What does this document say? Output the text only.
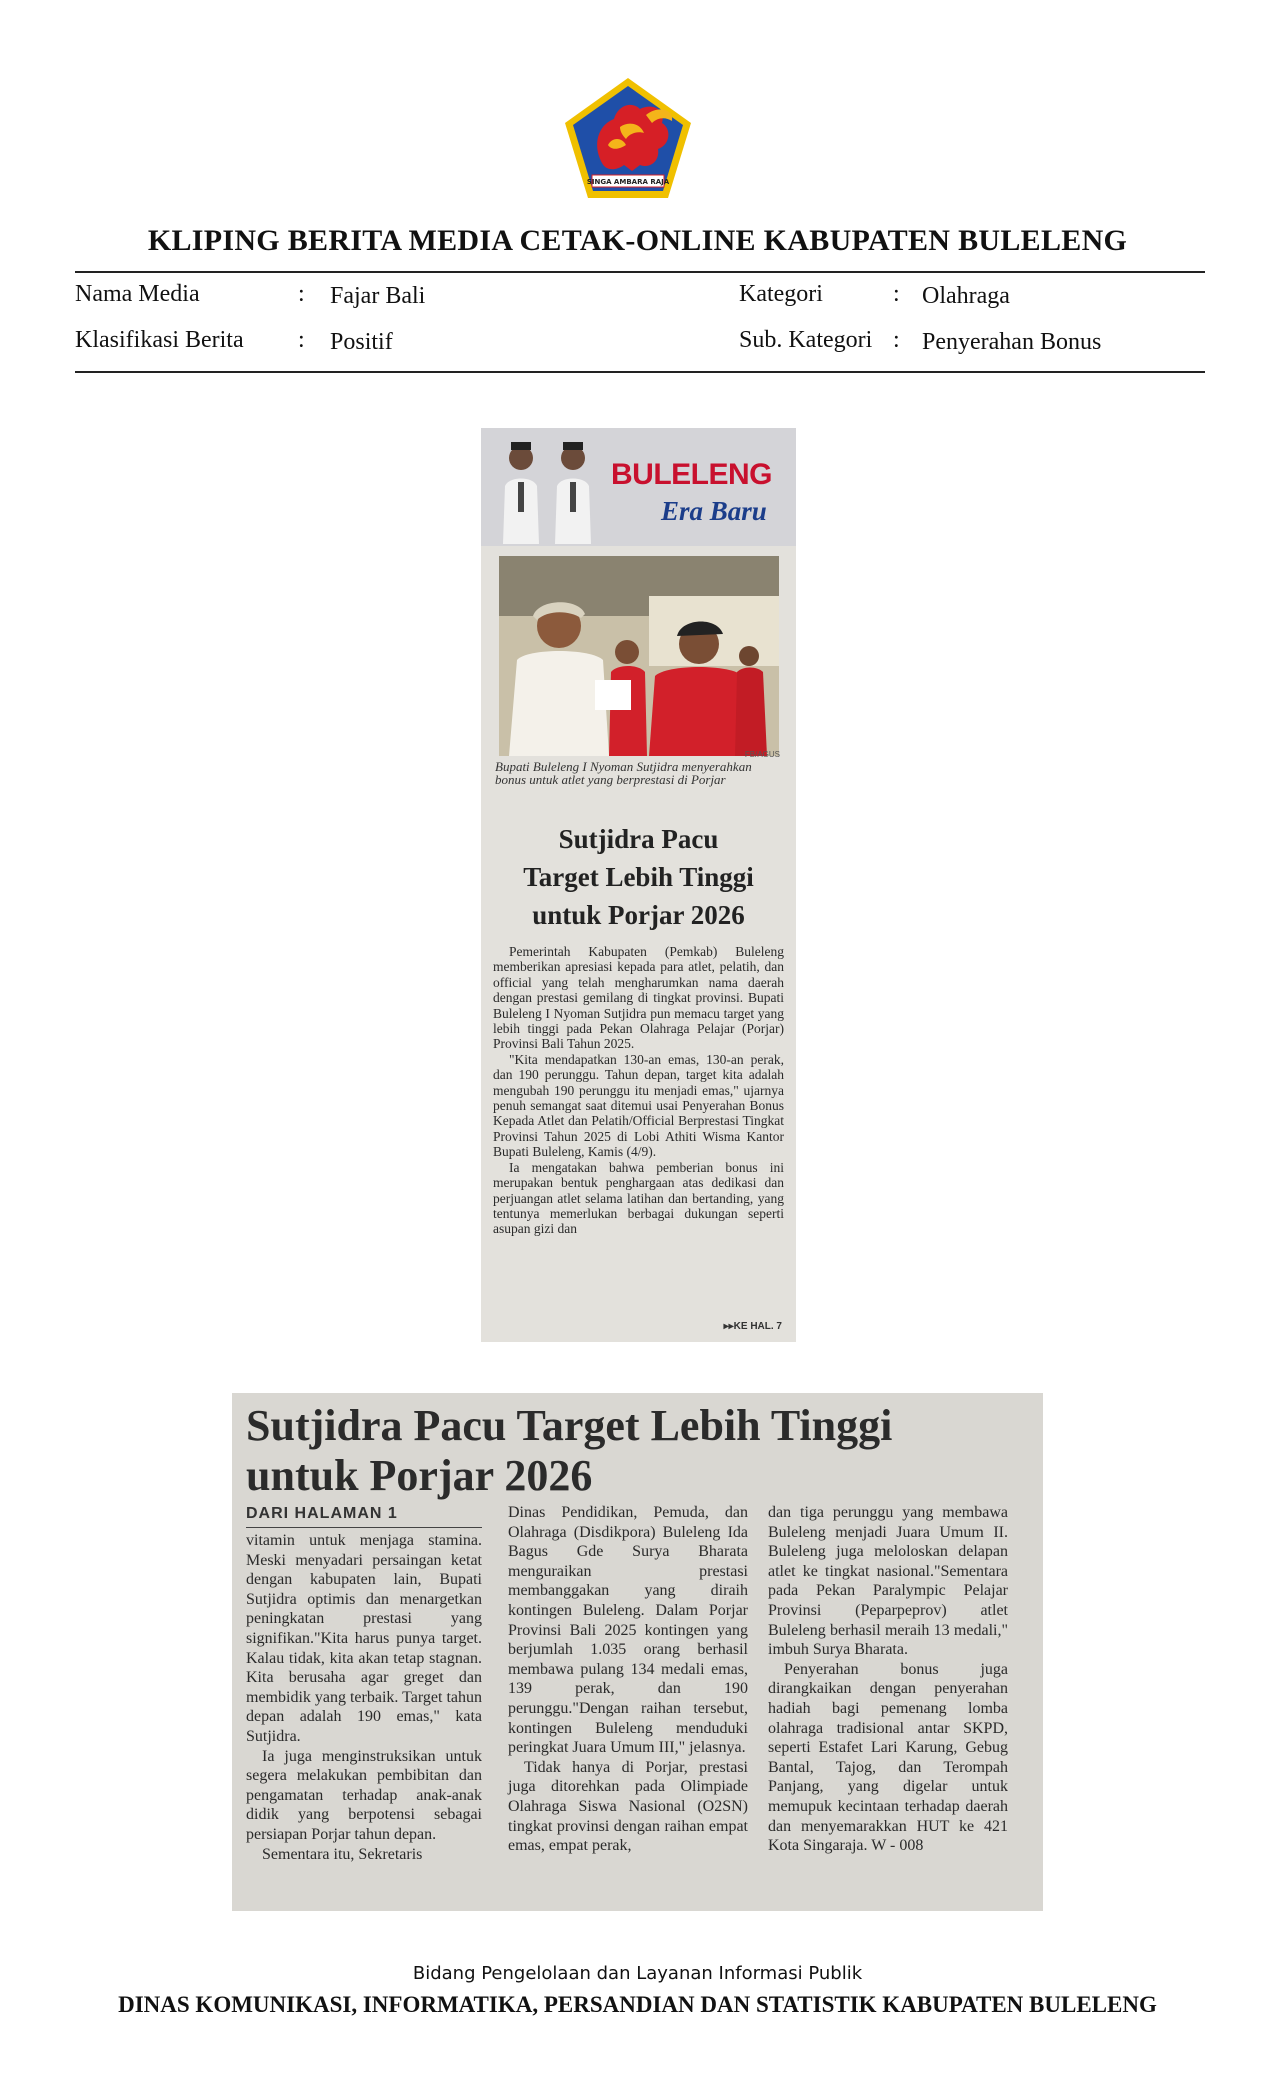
SINGA AMBARA RAJA
KLIPING BERITA MEDIA CETAK-ONLINE KABUPATEN BULELENG
Nama Media	: Fajar Bali
Klasifikasi Berita : Positif
Kategori	: Olahraga
Sub. Kategori : Penyerahan Bonus
BULELENG
Era Baru
FB/AGUS
Bupati Buleleng I Nyoman Sutjidra menyerahkan bonus untuk atlet yang berprestasi di Porjar
Sutjidra Pacu
Target Lebih Tinggi
untuk Porjar 2026

Pemerintah Kabupaten (Pemkab) Buleleng memberikan apresiasi kepada para atlet, pelatih, dan official yang telah mengharumkan nama daerah dengan prestasi gemilang di tingkat provinsi. Bupati Buleleng I Nyoman Sutjidra pun memacu target yang lebih tinggi pada Pekan Olahraga Pelajar (Porjar) Provinsi Bali Tahun 2025.

"Kita mendapatkan 130-an emas, 130-an perak, dan 190 perunggu. Tahun depan, target kita adalah mengubah 190 perunggu itu menjadi emas," ujarnya penuh semangat saat ditemui usai Penyerahan Bonus Kepada Atlet dan Pelatih/Official Berprestasi Tingkat Provinsi Tahun 2025 di Lobi Athiti Wisma Kantor Bupati Buleleng, Kamis (4/9).

Ia mengatakan bahwa pemberian bonus ini merupakan bentuk penghargaan atas dedikasi dan perjuangan atlet selama latihan dan bertanding, yang tentunya memerlukan berbagai dukungan seperti asupan gizi dan

▸▸KE HAL. 7
Sutjidra Pacu Target Lebih Tinggi
untuk Porjar 2026
DARI HALAMAN 1

vitamin untuk menjaga stamina. Meski menyadari persaingan ketat dengan kabupaten lain, Bupati Sutjidra optimis dan menargetkan peningkatan prestasi yang signifikan."Kita harus punya target. Kalau tidak, kita akan tetap stagnan. Kita berusaha agar greget dan membidik yang terbaik. Target tahun depan adalah 190 emas," kata Sutjidra.

Ia juga menginstruksikan untuk segera melakukan pembibitan dan pengamatan terhadap anak-anak didik yang berpotensi sebagai persiapan Porjar tahun depan.

Sementara itu, Sekretaris

Dinas Pendidikan, Pemuda, dan Olahraga (Disdikpora) Buleleng Ida Bagus Gde Surya Bharata menguraikan prestasi membanggakan yang diraih kontingen Buleleng. Dalam Porjar Provinsi Bali 2025 kontingen yang berjumlah 1.035 orang berhasil membawa pulang 134 medali emas, 139 perak, dan 190 perunggu."Dengan raihan tersebut, kontingen Buleleng menduduki peringkat Juara Umum III," jelasnya.

Tidak hanya di Porjar, prestasi juga ditorehkan pada Olimpiade Olahraga Siswa Nasional (O2SN) tingkat provinsi dengan raihan empat emas, empat perak,

dan tiga perunggu yang membawa Buleleng menjadi Juara Umum II. Buleleng juga meloloskan delapan atlet ke tingkat nasional."Sementara pada Pekan Paralympic Pelajar Provinsi (Peparpeprov) atlet Buleleng berhasil meraih 13 medali," imbuh Surya Bharata.

Penyerahan bonus juga dirangkaikan dengan penyerahan hadiah bagi pemenang lomba olahraga tradisional antar SKPD, seperti Estafet Lari Karung, Gebug Bantal, Tajog, dan Terompah Panjang, yang digelar untuk memupuk kecintaan terhadap daerah dan menyemarakkan HUT ke 421 Kota Singaraja. W - 008

Bidang Pengelolaan dan Layanan Informasi Publik
DINAS KOMUNIKASI, INFORMATIKA, PERSANDIAN DAN STATISTIK KABUPATEN BULELENG
